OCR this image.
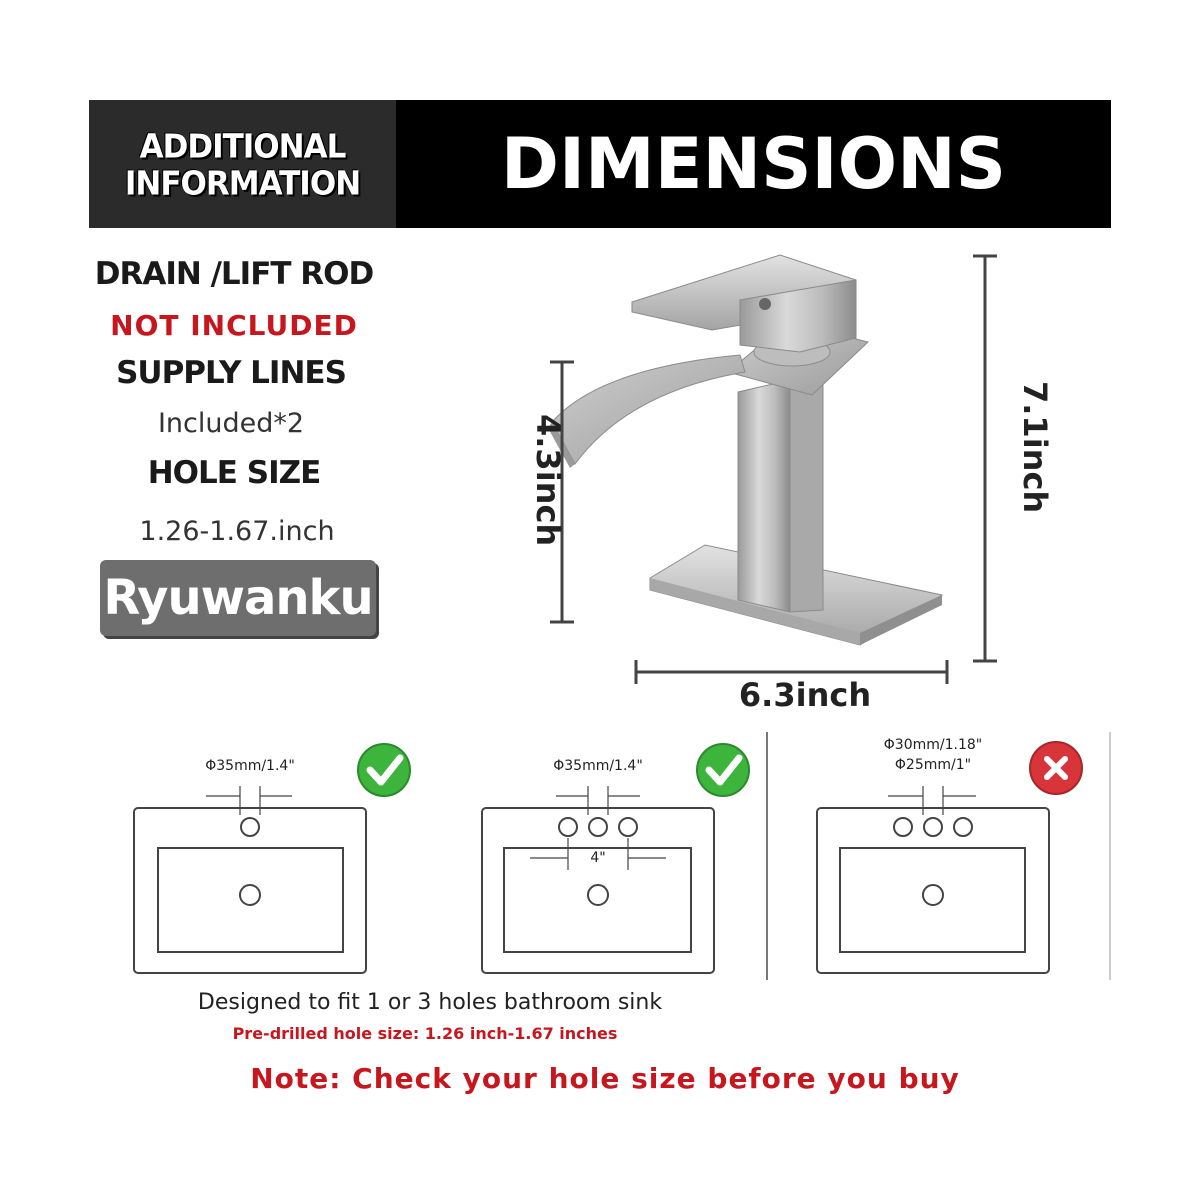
ADDITIONAL
INFORMATION	DIMENSIONS
DRAIN /LIFT ROD
NOT INCLUDED
SUPPLY LINES
Included*2
HOLE SIZE
1.26-1.67.inch
Ryuwanku
4.3inch	7.1inch
6.3inch
Φ35mm/1.4"	Φ35mm/1.4"
4"
Φ30mm/1.18"
Φ25mm/1"
Designed to fit 1 or 3 holes bathroom sink
Pre-drilled hole size: 1.26 inch-1.67 inches
Note: Check your hole size before you buy
